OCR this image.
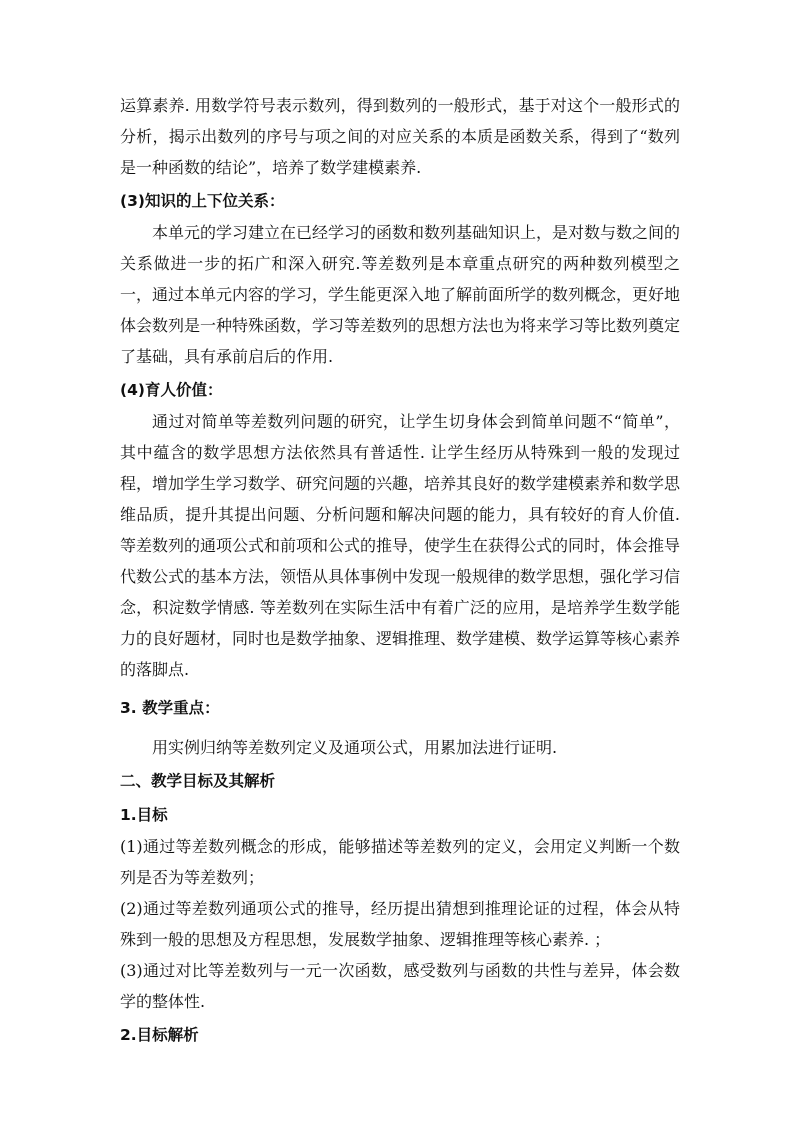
运算素养. 用数学符号表示数列，得到数列的一般形式，基于对这个一般形式的分析，揭示出数列的序号与项之间的对应关系的本质是函数关系，得到了“数列是一种函数的结论”，培养了数学建模素养.

(3)知识的上下位关系：

本单元的学习建立在已经学习的函数和数列基础知识上，是对数与数之间的关系做进一步的拓广和深入研究.等差数列是本章重点研究的两种数列模型之一，通过本单元内容的学习，学生能更深入地了解前面所学的数列概念，更好地体会数列是一种特殊函数，学习等差数列的思想方法也为将来学习等比数列奠定了基础，具有承前启后的作用.

(4)育人价值：

通过对简单等差数列问题的研究，让学生切身体会到简单问题不“简单”，其中蕴含的数学思想方法依然具有普适性. 让学生经历从特殊到一般的发现过程，增加学生学习数学、研究问题的兴趣，培养其良好的数学建模素养和数学思维品质，提升其提出问题、分析问题和解决问题的能力，具有较好的育人价值. 等差数列的通项公式和前项和公式的推导，使学生在获得公式的同时，体会推导代数公式的基本方法，领悟从具体事例中发现一般规律的数学思想，强化学习信念，积淀数学情感. 等差数列在实际生活中有着广泛的应用，是培养学生数学能力的良好题材，同时也是数学抽象、逻辑推理、数学建模、数学运算等核心素养的落脚点.

3. 教学重点：

用实例归纳等差数列定义及通项公式，用累加法进行证明.

二、教学目标及其解析

1.目标

(1)通过等差数列概念的形成，能够描述等差数列的定义，会用定义判断一个数列是否为等差数列；

(2)通过等差数列通项公式的推导，经历提出猜想到推理论证的过程，体会从特殊到一般的思想及方程思想，发展数学抽象、逻辑推理等核心素养. ；

(3)通过对比等差数列与一元一次函数，感受数列与函数的共性与差异，体会数学的整体性.

2.目标解析
